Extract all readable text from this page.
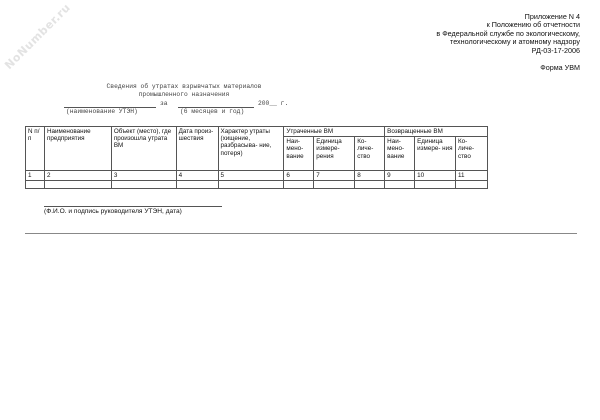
NoNumber.ru	Приложение N 4
к Положению об отчетности
в Федеральной службе по экологическому,
технологическому и атомному надзору
РД-03-17-2006
Форма УВМ
Сведения об утратах взрывчатых материалов
промышленного назначения
за	200__ г.
(наименование УТЭН)	(6 месяцев и год)
N п/п	Наименование предприятия	Объект (место), где произошла утрата ВМ	Дата произ- шествия	Характер утраты (хищение, разбрасыва- ние, потеря)	Утраченные ВМ			Возвращенные ВМ		
					Наи- мено- вание	Единица измере- рения	Ко- личе- ство	Наи- мено- вание	Единица измере- ния	Ко- личе- ство
1	2	3	4	5	6	7	8	9	10	11

(Ф.И.О. и подпись руководителя УТЭН, дата)
